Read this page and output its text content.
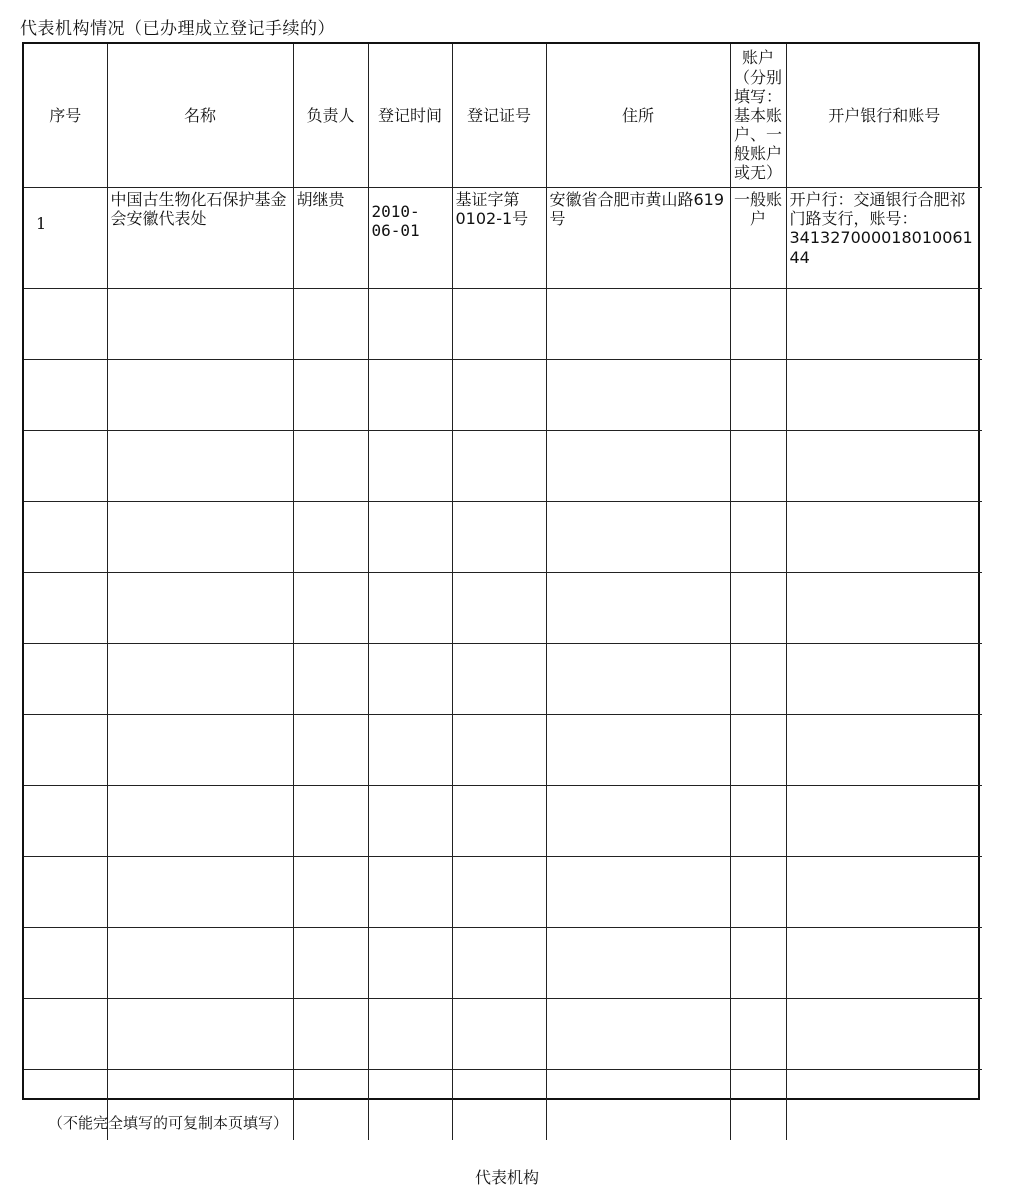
代表机构情况（已办理成立登记手续的）
序号	名称	负责人	登记时间	登记证号	住所	账户（分别填写：基本账户、一般账户或无）	开户银行和账号
1	中国古生物化石保护基金会安徽代表处	胡继贵	2010-06-01	基证字第0102-1号	安徽省合肥市黄山路619号	一般账户	开户行：交通银行合肥祁门路支行，账号：341327000018010061 44

（不能完全填写的可复制本页填写）
代表机构
